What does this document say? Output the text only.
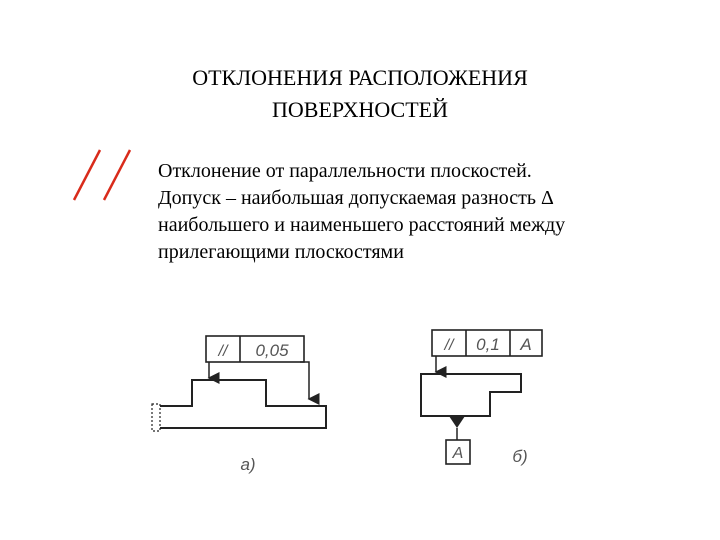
ОТКЛОНЕНИЯ РАСПОЛОЖЕНИЯ
ПОВЕРХНОСТЕЙ
Отклонение от параллельности плоскостей.
Допуск – наибольшая допускаемая разность Δ
наибольшего и наименьшего расстояний между
прилегающими плоскостями
// 0,05
а)
// 0,1 A
A	б)
